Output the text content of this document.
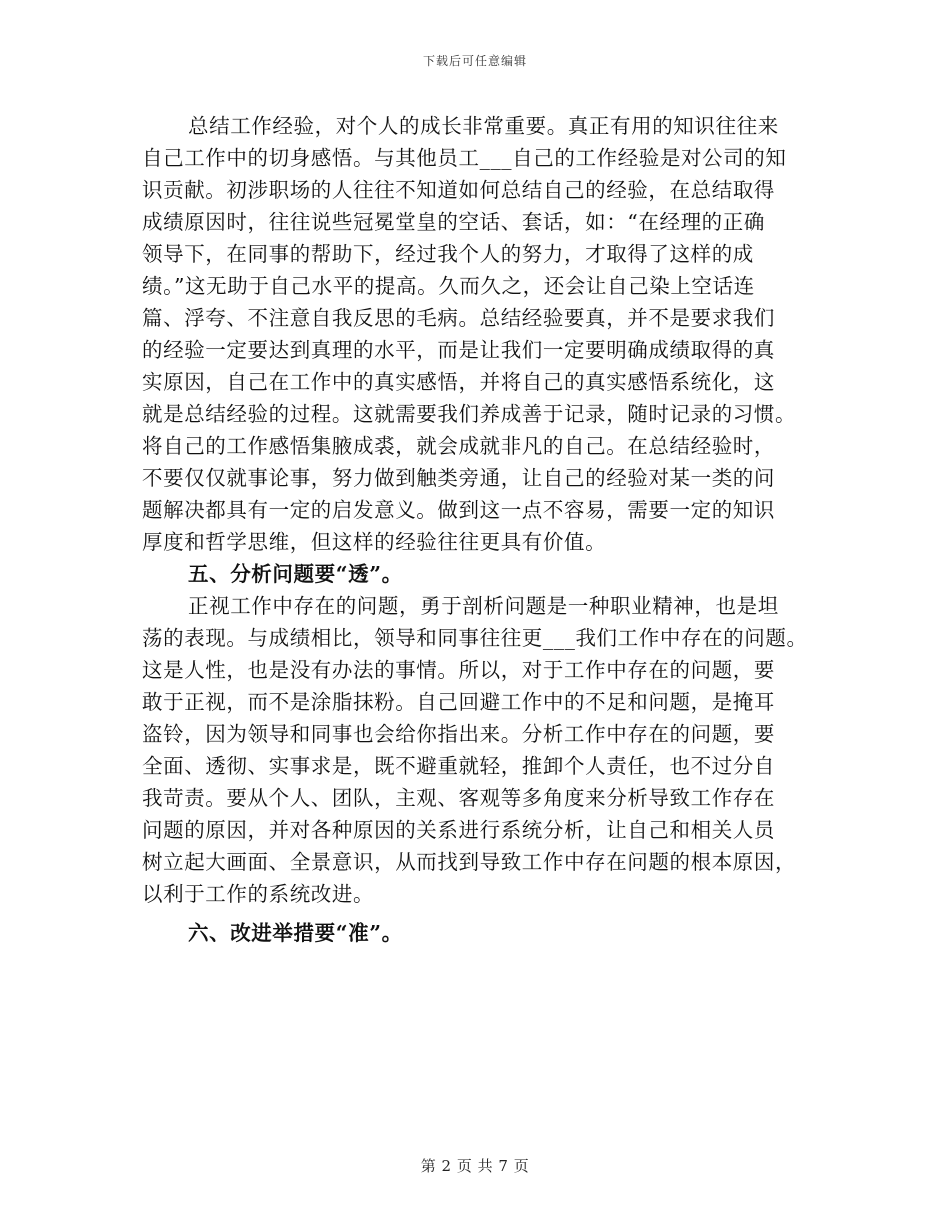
下载后可任意编辑
总结工作经验，对个人的成长非常重要。真正有用的知识往往来
自己工作中的切身感悟。与其他员工___自己的工作经验是对公司的知
识贡献。初涉职场的人往往不知道如何总结自己的经验，在总结取得
成绩原因时，往往说些冠冕堂皇的空话、套话，如：“在经理的正确
领导下，在同事的帮助下，经过我个人的努力，才取得了这样的成
绩。”这无助于自己水平的提高。久而久之，还会让自己染上空话连
篇、浮夸、不注意自我反思的毛病。总结经验要真，并不是要求我们
的经验一定要达到真理的水平，而是让我们一定要明确成绩取得的真
实原因，自己在工作中的真实感悟，并将自己的真实感悟系统化，这
就是总结经验的过程。这就需要我们养成善于记录，随时记录的习惯。
将自己的工作感悟集腋成裘，就会成就非凡的自己。在总结经验时，
不要仅仅就事论事，努力做到触类旁通，让自己的经验对某一类的问
题解决都具有一定的启发意义。做到这一点不容易，需要一定的知识
厚度和哲学思维，但这样的经验往往更具有价值。
五、分析问题要“透”。
正视工作中存在的问题，勇于剖析问题是一种职业精神，也是坦
荡的表现。与成绩相比，领导和同事往往更___我们工作中存在的问题。
这是人性，也是没有办法的事情。所以，对于工作中存在的问题，要
敢于正视，而不是涂脂抹粉。自己回避工作中的不足和问题，是掩耳
盗铃，因为领导和同事也会给你指出来。分析工作中存在的问题，要
全面、透彻、实事求是，既不避重就轻，推卸个人责任，也不过分自
我苛责。要从个人、团队，主观、客观等多角度来分析导致工作存在
问题的原因，并对各种原因的关系进行系统分析，让自己和相关人员
树立起大画面、全景意识，从而找到导致工作中存在问题的根本原因，
以利于工作的系统改进。
六、改进举措要“准”。
第 2 页 共 7 页
